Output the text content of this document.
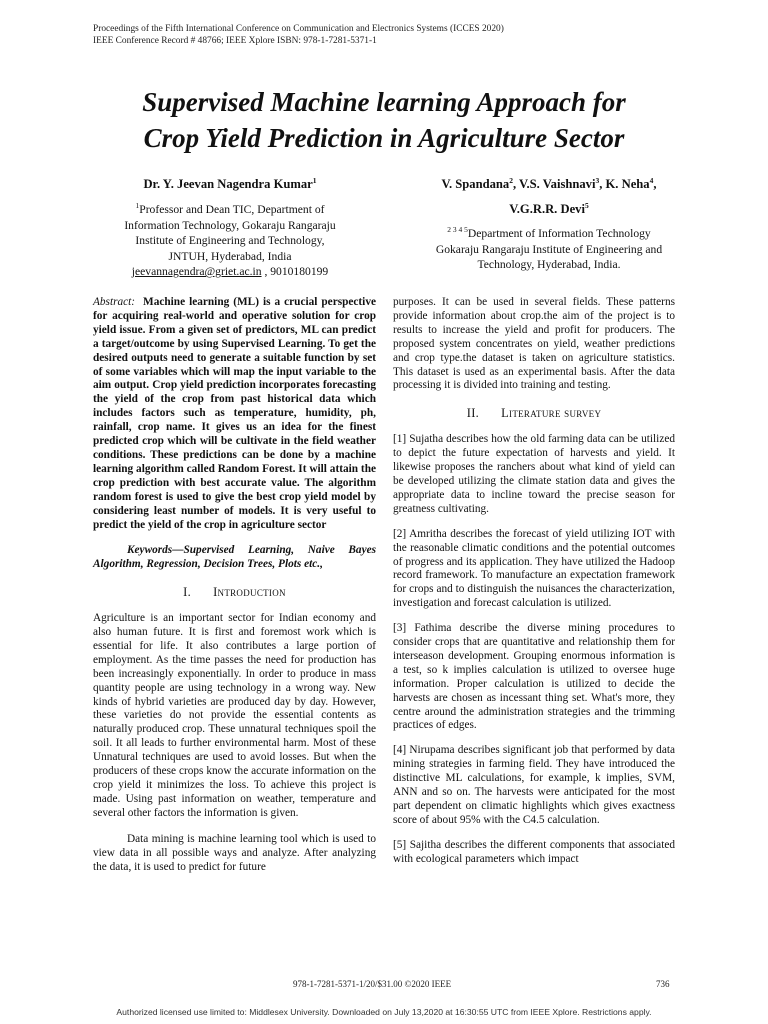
Proceedings of the Fifth International Conference on Communication and Electronics Systems (ICCES 2020)
IEEE Conference Record # 48766; IEEE Xplore ISBN: 978-1-7281-5371-1
Supervised Machine learning Approach for
Crop Yield Prediction in Agriculture Sector
Dr. Y. Jeevan Nagendra Kumar$^1$
$^1$Professor and Dean TIC, Department of
Information Technology, Gokaraju Rangaraju
Institute of Engineering and Technology,
JNTUH, Hyderabad, India
jeevannagendra@griet.ac.in , 9010180199
V. Spandana$^2$, V.S. Vaishnavi$^3$, K. Neha$^4$,
V.G.R.R. Devi$^5$
$^{2 3 4 5}$Department of Information Technology
Gokaraju Rangaraju Institute of Engineering and
Technology, Hyderabad, India.

Abstract: Machine learning (ML) is a crucial perspective for acquiring real-world and operative solution for crop yield issue. From a given set of predictors, ML can predict a target/outcome by using Supervised Learning. To get the desired outputs need to generate a suitable function by set of some variables which will map the input variable to the aim output. Crop yield prediction incorporates forecasting the yield of the crop from past historical data which includes factors such as temperature, humidity, ph, rainfall, crop name. It gives us an idea for the finest predicted crop which will be cultivate in the field weather conditions. These predictions can be done by a machine learning algorithm called Random Forest. It will attain the crop prediction with best accurate value. The algorithm random forest is used to give the best crop yield model by considering least number of models. It is very useful to predict the yield of the crop in agriculture sector

Keywords—Supervised Learning, Naive Bayes Algorithm, Regression, Decision Trees, Plots etc.,

I. Introduction

Agriculture is an important sector for Indian economy and also human future. It is first and foremost work which is essential for life. It also contributes a large portion of employment. As the time passes the need for production has been increasingly exponentially. In order to produce in mass quantity people are using technology in a wrong way. New kinds of hybrid varieties are produced day by day. However, these varieties do not provide the essential contents as naturally produced crop. These unnatural techniques spoil the soil. It all leads to further environmental harm. Most of these Unnatural techniques are used to avoid losses. But when the producers of these crops know the accurate information on the crop yield it minimizes the loss. To achieve this project is made. Using past information on weather, temperature and several other factors the information is given.

Data mining is machine learning tool which is used to view data in all possible ways and analyze. After analyzing the data, it is used to predict for future

purposes. It can be used in several fields. These patterns provide information about crop.the aim of the project is to results to increase the yield and profit for producers. The proposed system concentrates on yield, weather predictions and crop type.the dataset is taken on agriculture statistics. This dataset is used as an experimental basis. After the data processing it is divided into training and testing.

II. Literature survey

[1] Sujatha describes how the old farming data can be utilized to depict the future expectation of harvests and yield. It likewise proposes the ranchers about what kind of yield can be developed utilizing the climate station data and gives the appropriate data to incline toward the precise season for greatness cultivating.

[2] Amritha describes the forecast of yield utilizing IOT with the reasonable climatic conditions and the potential outcomes of progress and its application. They have utilized the Hadoop record framework. To manufacture an expectation framework for crops and to distinguish the nuisances the characterization, investigation and forecast calculation is utilized.

[3] Fathima describe the diverse mining procedures to consider crops that are quantitative and relationship them for interseason development. Grouping enormous information is a test, so k implies calculation is utilized to oversee huge information. Proper calculation is utilized to decide the harvests are chosen as incessant thing set. What's more, they centre around the administration strategies and the trimming practices of edges.

[4] Nirupama describes significant job that performed by data mining strategies in farming field. They have introduced the distinctive ML calculations, for example, k implies, SVM, ANN and so on. The harvests were anticipated for the most part dependent on climatic highlights which gives exactness score of about 95% with the C4.5 calculation.

[5] Sajitha describes the different components that associated with ecological parameters which impact

978-1-7281-5371-1/20/$31.00 ©2020 IEEE	736
Authorized licensed use limited to: Middlesex University. Downloaded on July 13,2020 at 16:30:55 UTC from IEEE Xplore. Restrictions apply.
